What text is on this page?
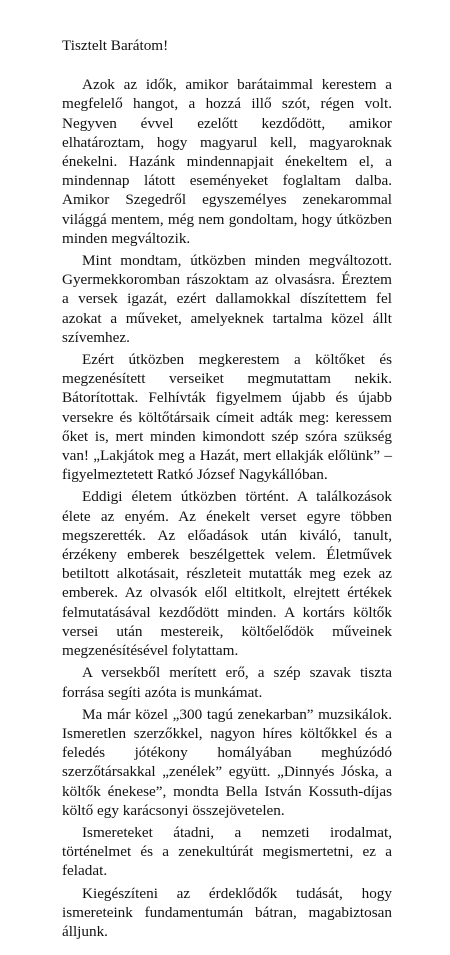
Tisztelt Barátom!

Azok az idők, amikor barátaimmal kerestem a megfelelő hangot, a hozzá illő szót, régen volt. Negyven évvel ezelőtt kezdődött, amikor elhatároztam, hogy magyarul kell, magyaroknak énekelni. Hazánk mindennapjait énekeltem el, a mindennap látott eseményeket foglaltam dalba. Amikor Szegedről egyszemélyes zenekarommal világgá mentem, még nem gondoltam, hogy útközben minden megváltozik.

Mint mondtam, útközben minden megváltozott. Gyermekkoromban rászoktam az olvasásra. Éreztem a versek igazát, ezért dallamokkal díszítettem fel azokat a műveket, amelyeknek tartalma közel állt szívemhez.

Ezért útközben megkerestem a költőket és megzenésített verseiket megmutattam nekik. Bátorítottak. Felhívták figyelmem újabb és újabb versekre és költőtársaik címeit adták meg: keressem őket is, mert minden kimondott szép szóra szükség van! „Lakjátok meg a Hazát, mert ellakják előlünk” – figyelmeztetett Ratkó József Nagykállóban.

Eddigi életem útközben történt. A találkozások élete az enyém. Az énekelt verset egyre többen megszerették. Az előadások után kiváló, tanult, érzékeny emberek beszélgettek velem. Életművek betiltott alkotásait, részleteit mutatták meg ezek az emberek. Az olvasók elől eltitkolt, elrejtett értékek felmutatásával kezdődött minden. A kortárs költők versei után mestereik, költőelődök műveinek megzenésítésével folytattam.

A versekből merített erő, a szép szavak tiszta forrása segíti azóta is munkámat.

Ma már közel „300 tagú zenekarban” muzsikálok. Ismeretlen szerzőkkel, nagyon híres költőkkel és a feledés jótékony homályában meghúzódó szerzőtársakkal „zenélek” együtt. „Dinnyés Jóska, a költők énekese”, mondta Bella István Kossuth-díjas költő egy karácsonyi összejövetelen.

Ismereteket átadni, a nemzeti irodalmat, történelmet és a zenekultúrát megismertetni, ez a feladat.

Kiegészíteni az érdeklődők tudását, hogy ismereteink fundamentumán bátran, magabiztosan álljunk.
